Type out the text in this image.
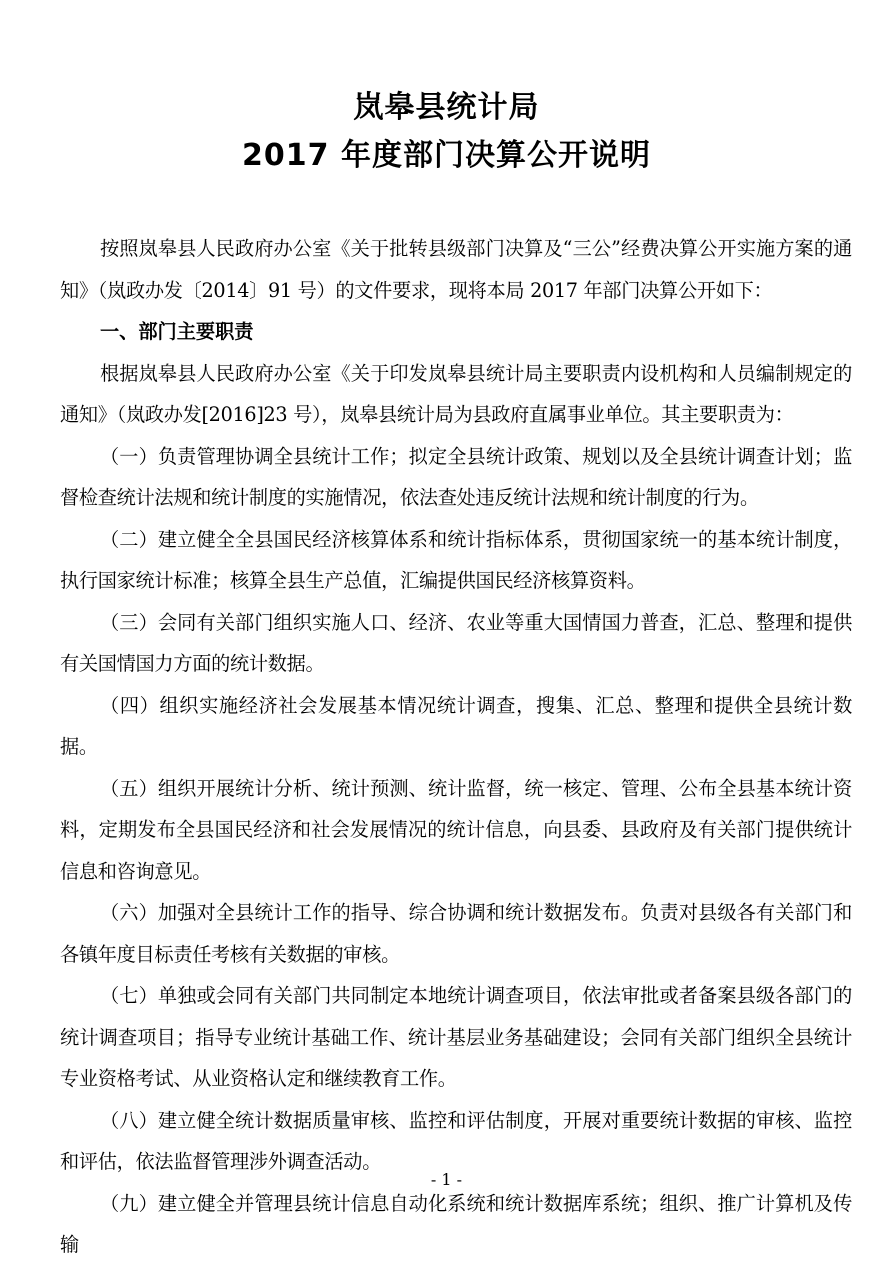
岚皋县统计局
2017 年度部门决算公开说明

按照岚皋县人民政府办公室《关于批转县级部门决算及“三公”经费决算公开实施方案的通知》（岚政办发〔2014〕91 号）的文件要求，现将本局 2017 年部门决算公开如下：

一、部门主要职责

根据岚皋县人民政府办公室《关于印发岚皋县统计局主要职责内设机构和人员编制规定的通知》（岚政办发[2016]23 号），岚皋县统计局为县政府直属事业单位。其主要职责为：

（一）负责管理协调全县统计工作；拟定全县统计政策、规划以及全县统计调查计划；监督检查统计法规和统计制度的实施情况，依法查处违反统计法规和统计制度的行为。

（二）建立健全全县国民经济核算体系和统计指标体系，贯彻国家统一的基本统计制度，执行国家统计标准；核算全县生产总值，汇编提供国民经济核算资料。

（三）会同有关部门组织实施人口、经济、农业等重大国情国力普查，汇总、整理和提供有关国情国力方面的统计数据。

（四）组织实施经济社会发展基本情况统计调查，搜集、汇总、整理和提供全县统计数据。

（五）组织开展统计分析、统计预测、统计监督，统一核定、管理、公布全县基本统计资料，定期发布全县国民经济和社会发展情况的统计信息，向县委、县政府及有关部门提供统计信息和咨询意见。

（六）加强对全县统计工作的指导、综合协调和统计数据发布。负责对县级各有关部门和各镇年度目标责任考核有关数据的审核。

（七）单独或会同有关部门共同制定本地统计调查项目，依法审批或者备案县级各部门的统计调查项目；指导专业统计基础工作、统计基层业务基础建设；会同有关部门组织全县统计专业资格考试、从业资格认定和继续教育工作。

（八）建立健全统计数据质量审核、监控和评估制度，开展对重要统计数据的审核、监控和评估，依法监督管理涉外调查活动。

（九）建立健全并管理县统计信息自动化系统和统计数据库系统；组织、推广计算机及传输

- 1 -
